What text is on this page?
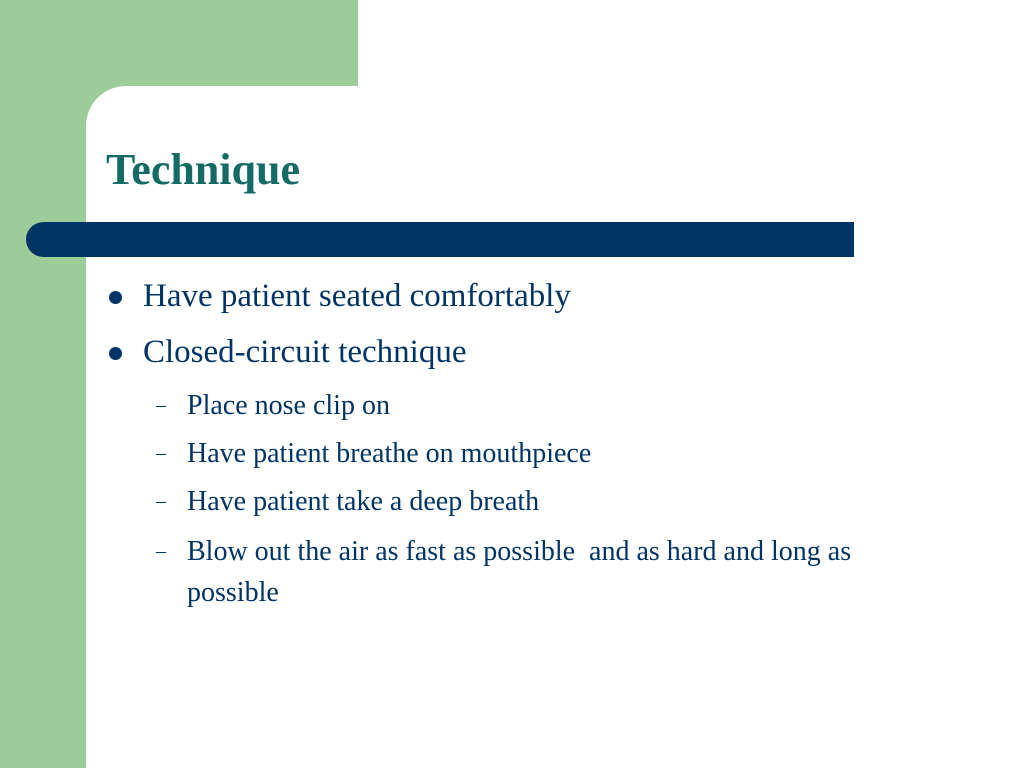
Technique
Have patient seated comfortably
Closed-circuit technique
– Place nose clip on
– Have patient breathe on mouthpiece
– Have patient take a deep breath
– Blow out the air as fast as possible  and as hard and long as possible
